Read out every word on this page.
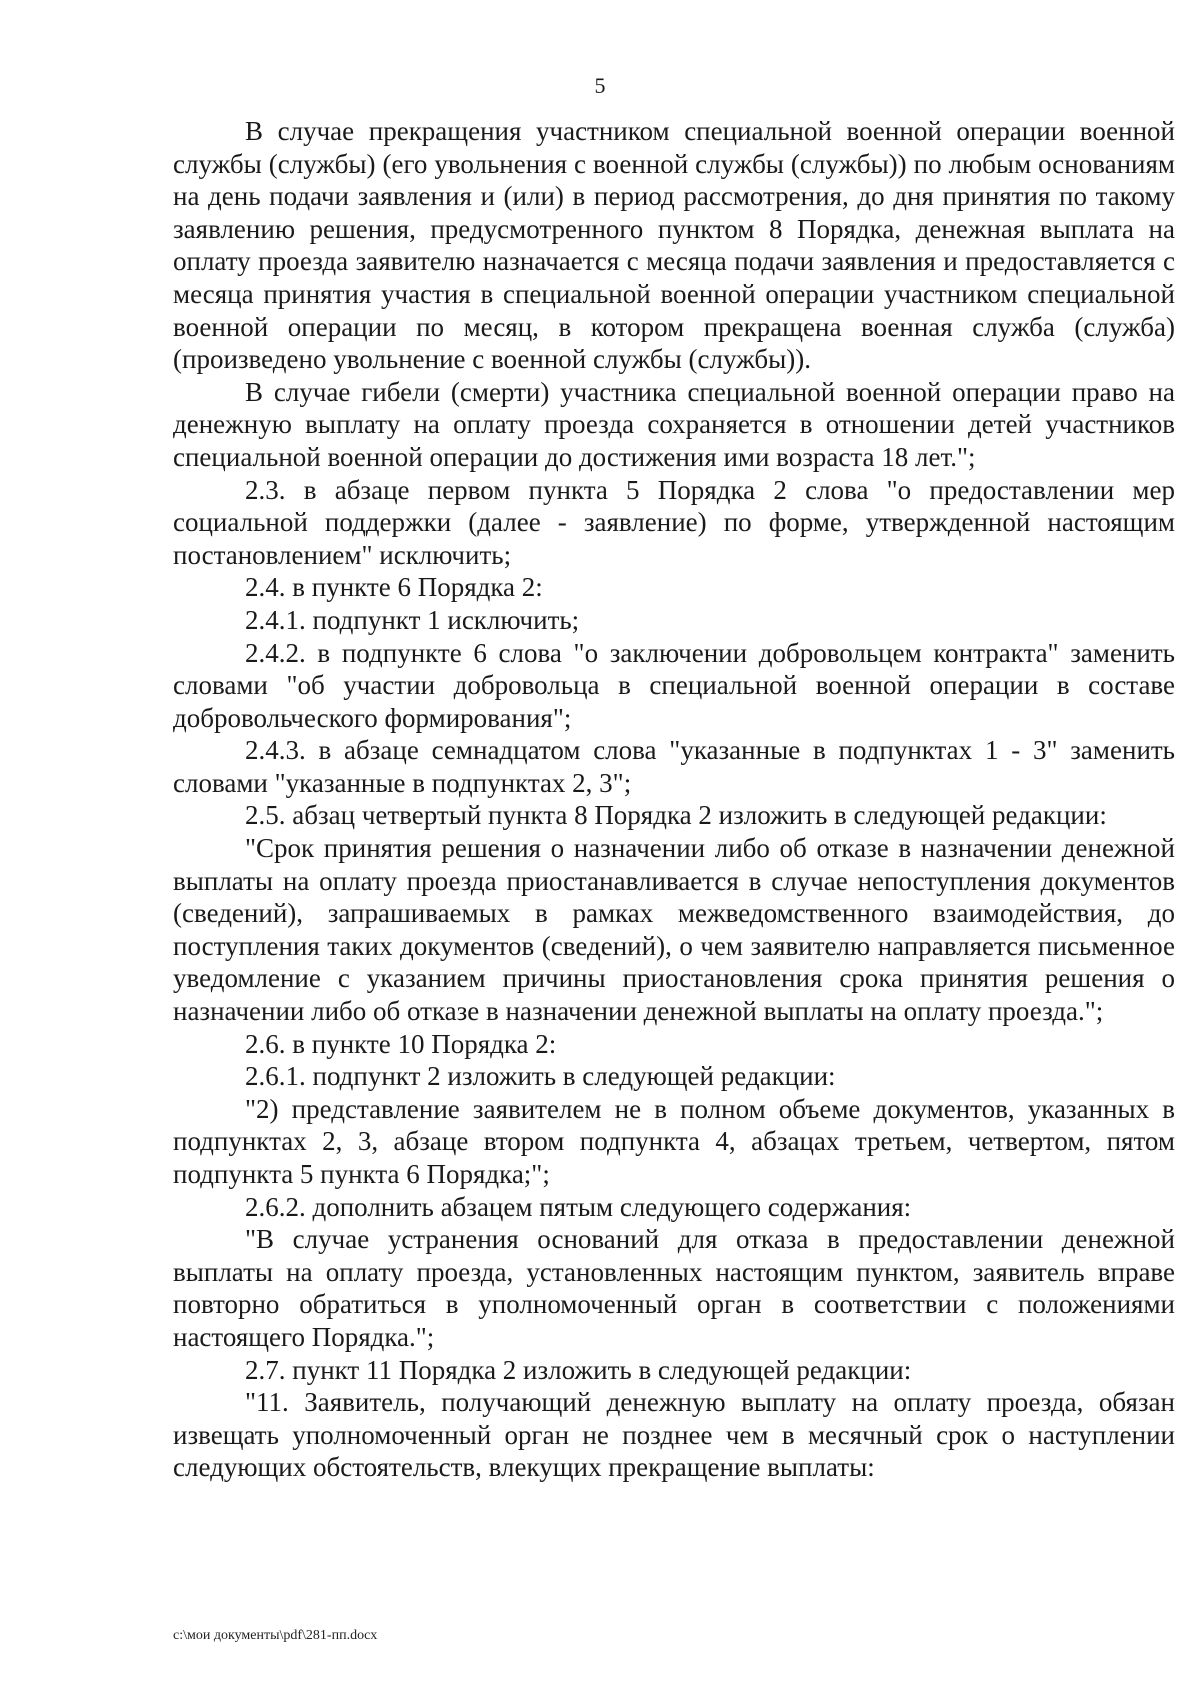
5

В случае прекращения участником специальной военной операции военной службы (службы) (его увольнения с военной службы (службы)) по любым основаниям на день подачи заявления и (или) в период рассмотрения, до дня принятия по такому заявлению решения, предусмотренного пунктом 8 Порядка, денежная выплата на оплату проезда заявителю назначается с месяца подачи заявления и предоставляется с месяца принятия участия в специальной военной операции участником специальной военной операции по месяц, в котором прекращена военная служба (служба) (произведено увольнение с военной службы (службы)).

В случае гибели (смерти) участника специальной военной операции право на денежную выплату на оплату проезда сохраняется в отношении детей участников специальной военной операции до достижения ими возраста 18 лет.";

2.3. в абзаце первом пункта 5 Порядка 2 слова "о предоставлении мер социальной поддержки (далее - заявление) по форме, утвержденной настоящим постановлением" исключить;

2.4. в пункте 6 Порядка 2:

2.4.1. подпункт 1 исключить;

2.4.2. в подпункте 6 слова "о заключении добровольцем контракта" заменить словами "об участии добровольца в специальной военной операции в составе добровольческого формирования";

2.4.3. в абзаце семнадцатом слова "указанные в подпунктах 1 - 3" заменить словами "указанные в подпунктах 2, 3";

2.5. абзац четвертый пункта 8 Порядка 2 изложить в следующей редакции:

"Срок принятия решения о назначении либо об отказе в назначении денежной выплаты на оплату проезда приостанавливается в случае непоступления документов (сведений), запрашиваемых в рамках межведомственного взаимодействия, до поступления таких документов (сведений), о чем заявителю направляется письменное уведомление с указанием причины приостановления срока принятия решения о назначении либо об отказе в назначении денежной выплаты на оплату проезда.";

2.6. в пункте 10 Порядка 2:

2.6.1. подпункт 2 изложить в следующей редакции:

"2) представление заявителем не в полном объеме документов, указанных в подпунктах 2, 3, абзаце втором подпункта 4, абзацах третьем, четвертом, пятом подпункта 5 пункта 6 Порядка;";

2.6.2. дополнить абзацем пятым следующего содержания:

"В случае устранения оснований для отказа в предоставлении денежной выплаты на оплату проезда, установленных настоящим пунктом, заявитель вправе повторно обратиться в уполномоченный орган в соответствии с положениями настоящего Порядка.";

2.7. пункт 11 Порядка 2 изложить в следующей редакции:

"11. Заявитель, получающий денежную выплату на оплату проезда, обязан извещать уполномоченный орган не позднее чем в месячный срок о наступлении следующих обстоятельств, влекущих прекращение выплаты:

c:\мои документы\pdf\281-пп.docx
